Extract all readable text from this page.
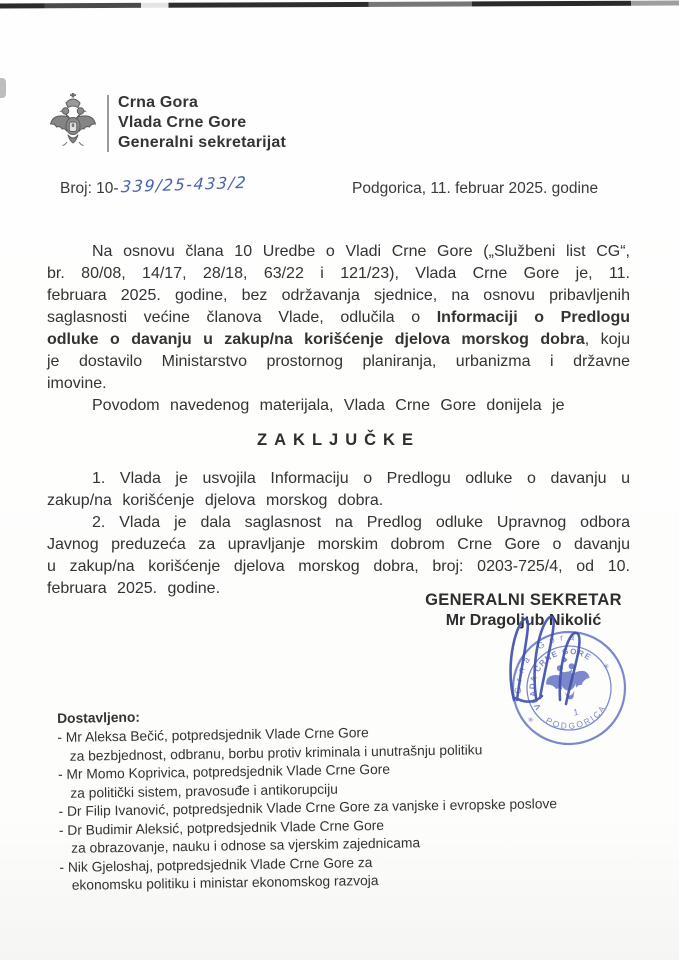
Crna Gora
Vlada Crne Gore
Generalni sekretarijat
Broj: 10- 339/25-433/2	Podgorica, 11. februar 2025. godine

Na osnovu člana 10 Uredbe o Vladi Crne Gore („Službeni list CG“, br. 80/08, 14/17, 28/18, 63/22 i 121/23), Vlada Crne Gore je, 11. februara 2025. godine, bez održavanja sjednice, na osnovu pribavljenih saglasnosti većine članova Vlade, odlučila o Informaciji o Predlogu odluke o davanju u zakup/na korišćenje djelova morskog dobra, koju je dostavilo Ministarstvo prostornog planiranja, urbanizma i državne imovine.

Povodom navedenog materijala, Vlada Crne Gore donijela je

ZAKLJUČKE

1. Vlada je usvojila Informaciju o Predlogu odluke o davanju u zakup/na korišćenje djelova morskog dobra.

2. Vlada je dala saglasnost na Predlog odluke Upravnog odbora Javnog preduzeća za upravljanje morskim dobrom Crne Gore o davanju u zakup/na korišćenje djelova morskog dobra, broj: 0203-725/4, od 10. februara 2025. godine.

GENERALNI SEKRETAR
Mr Dragoljub Nikolić
Crna Gora
VLADA CRNE GORE
PODGORICA
1
✳
✳
Dostavljeno:
- Mr Aleksa Bečić, potpredsjednik Vlade Crne Gore
za bezbjednost, odbranu, borbu protiv kriminala i unutrašnju politiku
- Mr Momo Koprivica, potpredsjednik Vlade Crne Gore
za politički sistem, pravosuđe i antikorupciju
- Dr Filip Ivanović, potpredsjednik Vlade Crne Gore za vanjske i evropske poslove
- Dr Budimir Aleksić, potpredsjednik Vlade Crne Gore
za obrazovanje, nauku i odnose sa vjerskim zajednicama
- Nik Gjeloshaj, potpredsjednik Vlade Crne Gore za
ekonomsku politiku i ministar ekonomskog razvoja
